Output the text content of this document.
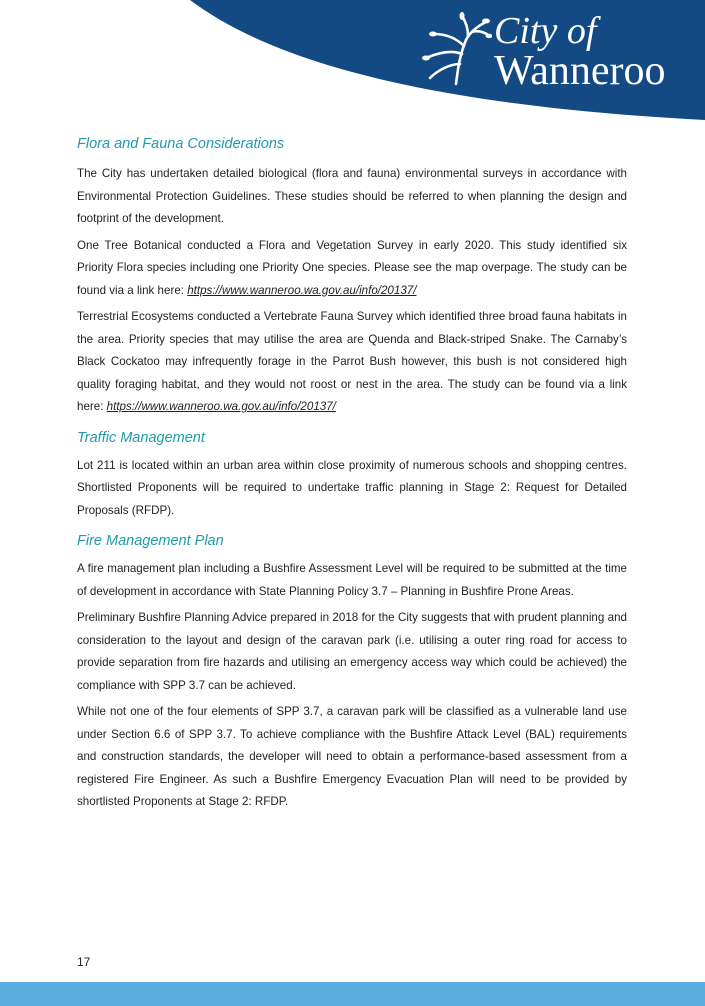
City of
Wanneroo
Flora and Fauna Considerations

The City has undertaken detailed biological (flora and fauna) environmental surveys in accordance with Environmental Protection Guidelines. These studies should be referred to when planning the design and footprint of the development.

One Tree Botanical conducted a Flora and Vegetation Survey in early 2020. This study identified six Priority Flora species including one Priority One species. Please see the map overpage. The study can be found via a link here: https://www.wanneroo.wa.gov.au/info/20137/

Terrestrial Ecosystems conducted a Vertebrate Fauna Survey which identified three broad fauna habitats in the area. Priority species that may utilise the area are Quenda and Black-striped Snake. The Carnaby’s Black Cockatoo may infrequently forage in the Parrot Bush however, this bush is not considered high quality foraging habitat, and they would not roost or nest in the area. The study can be found via a link here: https://www.wanneroo.wa.gov.au/info/20137/

Traffic Management

Lot 211 is located within an urban area within close proximity of numerous schools and shopping centres. Shortlisted Proponents will be required to undertake traffic planning in Stage 2: Request for Detailed Proposals (RFDP).

Fire Management Plan

A fire management plan including a Bushfire Assessment Level will be required to be submitted at the time of development in accordance with State Planning Policy 3.7 – Planning in Bushfire Prone Areas.

Preliminary Bushfire Planning Advice prepared in 2018 for the City suggests that with prudent planning and consideration to the layout and design of the caravan park (i.e. utilising a outer ring road for access to provide separation from fire hazards and utilising an emergency access way which could be achieved) the compliance with SPP 3.7 can be achieved.

While not one of the four elements of SPP 3.7, a caravan park will be classified as a vulnerable land use under Section 6.6 of SPP 3.7. To achieve compliance with the Bushfire Attack Level (BAL) requirements and construction standards, the developer will need to obtain a performance-based assessment from a registered Fire Engineer. As such a Bushfire Emergency Evacuation Plan will need to be provided by shortlisted Proponents at Stage 2: RFDP.

17
